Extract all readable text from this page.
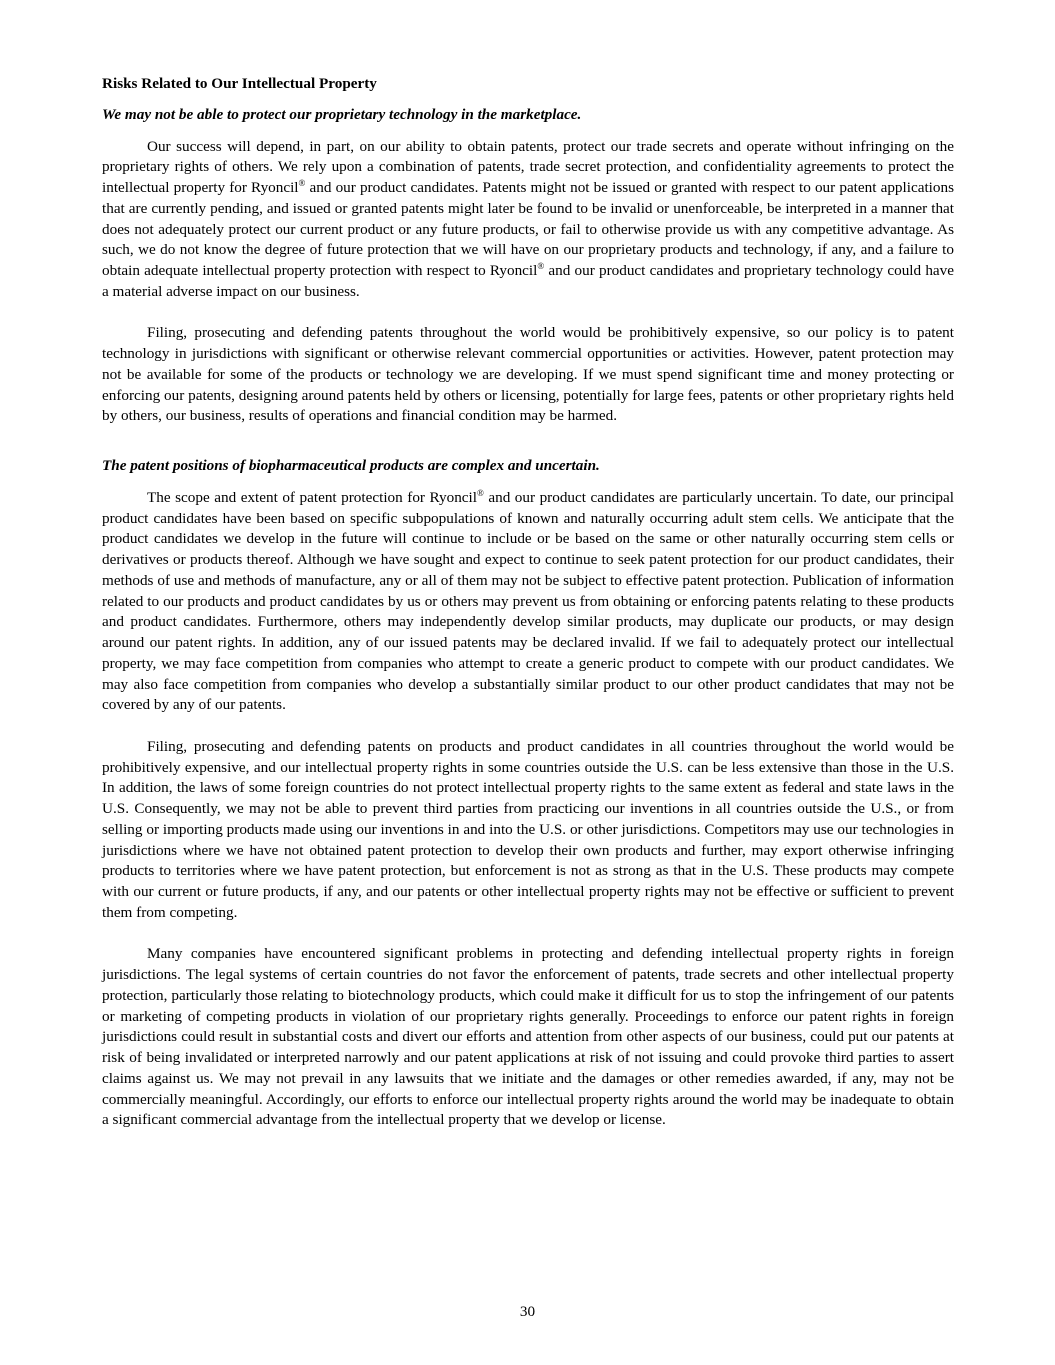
Risks Related to Our Intellectual Property
We may not be able to protect our proprietary technology in the marketplace.

Our success will depend, in part, on our ability to obtain patents, protect our trade secrets and operate without infringing on the proprietary rights of others. We rely upon a combination of patents, trade secret protection, and confidentiality agreements to protect the intellectual property for Ryoncil® and our product candidates. Patents might not be issued or granted with respect to our patent applications that are currently pending, and issued or granted patents might later be found to be invalid or unenforceable, be interpreted in a manner that does not adequately protect our current product or any future products, or fail to otherwise provide us with any competitive advantage. As such, we do not know the degree of future protection that we will have on our proprietary products and technology, if any, and a failure to obtain adequate intellectual property protection with respect to Ryoncil® and our product candidates and proprietary technology could have a material adverse impact on our business.

Filing, prosecuting and defending patents throughout the world would be prohibitively expensive, so our policy is to patent technology in jurisdictions with significant or otherwise relevant commercial opportunities or activities. However, patent protection may not be available for some of the products or technology we are developing. If we must spend significant time and money protecting or enforcing our patents, designing around patents held by others or licensing, potentially for large fees, patents or other proprietary rights held by others, our business, results of operations and financial condition may be harmed.

The patent positions of biopharmaceutical products are complex and uncertain.

The scope and extent of patent protection for Ryoncil® and our product candidates are particularly uncertain. To date, our principal product candidates have been based on specific subpopulations of known and naturally occurring adult stem cells. We anticipate that the product candidates we develop in the future will continue to include or be based on the same or other naturally occurring stem cells or derivatives or products thereof. Although we have sought and expect to continue to seek patent protection for our product candidates, their methods of use and methods of manufacture, any or all of them may not be subject to effective patent protection. Publication of information related to our products and product candidates by us or others may prevent us from obtaining or enforcing patents relating to these products and product candidates. Furthermore, others may independently develop similar products, may duplicate our products, or may design around our patent rights. In addition, any of our issued patents may be declared invalid. If we fail to adequately protect our intellectual property, we may face competition from companies who attempt to create a generic product to compete with our product candidates. We may also face competition from companies who develop a substantially similar product to our other product candidates that may not be covered by any of our patents.

Filing, prosecuting and defending patents on products and product candidates in all countries throughout the world would be prohibitively expensive, and our intellectual property rights in some countries outside the U.S. can be less extensive than those in the U.S. In addition, the laws of some foreign countries do not protect intellectual property rights to the same extent as federal and state laws in the U.S. Consequently, we may not be able to prevent third parties from practicing our inventions in all countries outside the U.S., or from selling or importing products made using our inventions in and into the U.S. or other jurisdictions. Competitors may use our technologies in jurisdictions where we have not obtained patent protection to develop their own products and further, may export otherwise infringing products to territories where we have patent protection, but enforcement is not as strong as that in the U.S. These products may compete with our current or future products, if any, and our patents or other intellectual property rights may not be effective or sufficient to prevent them from competing.

Many companies have encountered significant problems in protecting and defending intellectual property rights in foreign jurisdictions. The legal systems of certain countries do not favor the enforcement of patents, trade secrets and other intellectual property protection, particularly those relating to biotechnology products, which could make it difficult for us to stop the infringement of our patents or marketing of competing products in violation of our proprietary rights generally. Proceedings to enforce our patent rights in foreign jurisdictions could result in substantial costs and divert our efforts and attention from other aspects of our business, could put our patents at risk of being invalidated or interpreted narrowly and our patent applications at risk of not issuing and could provoke third parties to assert claims against us. We may not prevail in any lawsuits that we initiate and the damages or other remedies awarded, if any, may not be commercially meaningful. Accordingly, our efforts to enforce our intellectual property rights around the world may be inadequate to obtain a significant commercial advantage from the intellectual property that we develop or license.

30
